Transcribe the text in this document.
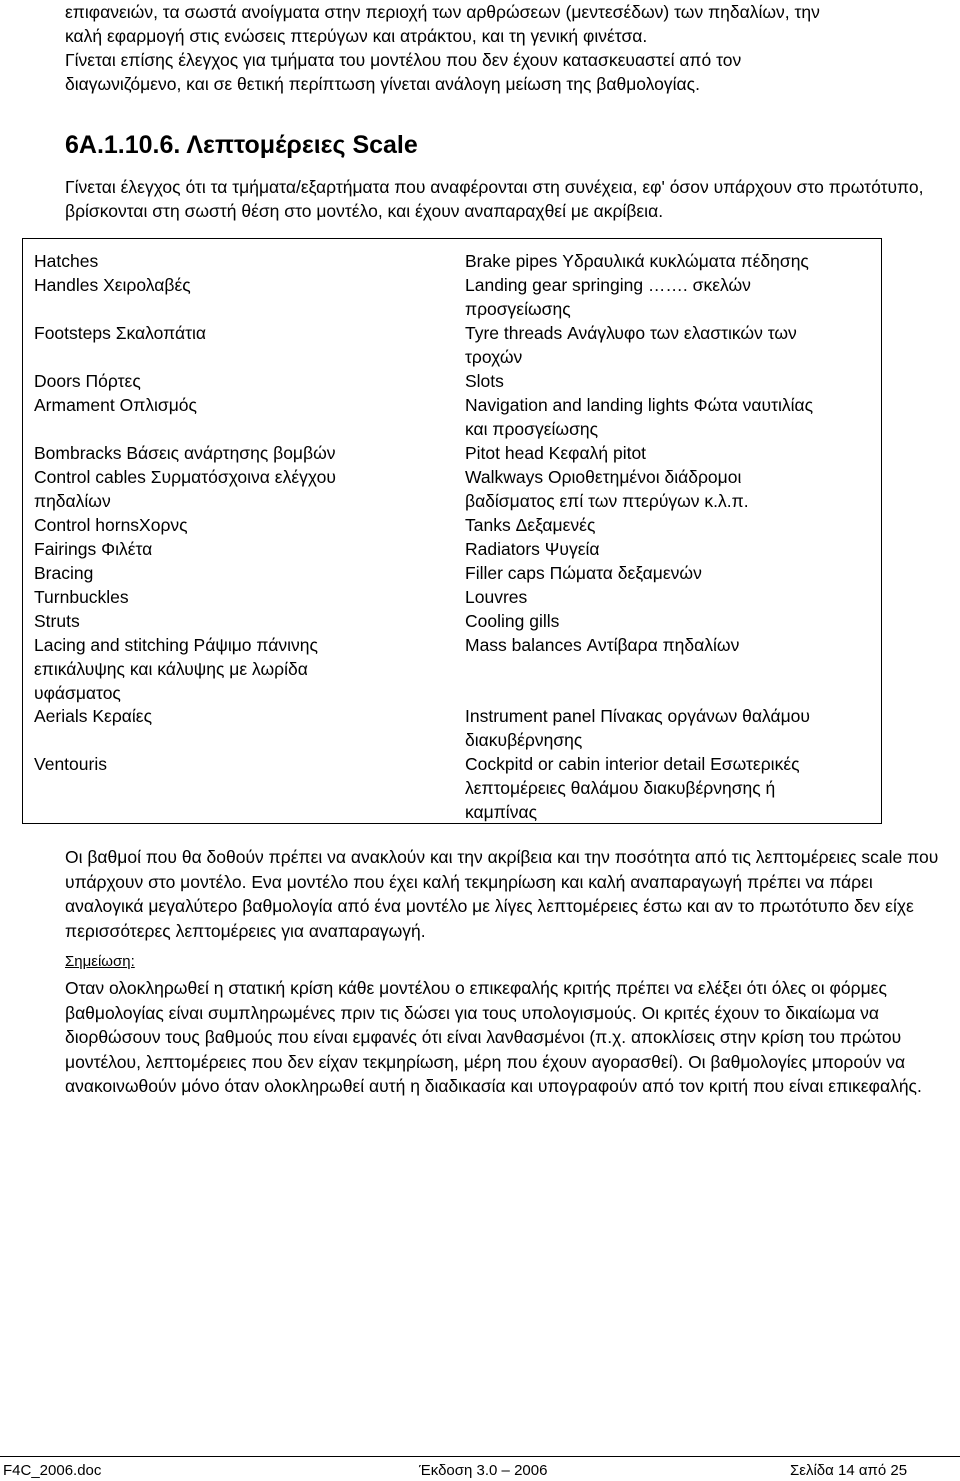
επιφανειών, τα σωστά ανοίγματα στην περιοχή των αρθρώσεων (μεντεσέδων) των πηδαλίων, την

καλή εφαρμογή στις ενώσεις πτερύγων και ατράκτου, και τη γενική φινέτσα.

Γίνεται επίσης έλεγχος για τμήματα του μοντέλου που δεν έχουν κατασκευαστεί από τον

διαγωνιζόμενο, και σε θετική περίπτωση γίνεται ανάλογη μείωση της βαθμολογίας.

6Α.1.10.6. Λεπτομέρειες Scale

Γίνεται έλεγχος ότι τα τμήματα/εξαρτήματα που αναφέρονται στη συνέχεια, εφ' όσον υπάρχουν στο πρωτότυπο, βρίσκονται στη σωστή θέση στο μοντέλο, και έχουν αναπαραχθεί με ακρίβεια.

Hatches
Handles Χειρολαβές
Footsteps Σκαλοπάτια
Doors Πόρτες
Armament Οπλισμός
Bombracks Βάσεις ανάρτησης βομβών
Control cables Συρματόσχοινα ελέγχου
πηδαλίων
Control hornsΧορνς
Fairings Φιλέτα
Bracing
Turnbuckles
Struts
Lacing and stitching Ράψιμο πάνινης
επικάλυψης και κάλυψης με λωρίδα
υφάσματος
Aerials Κεραίες
Ventouris
Brake pipes Υδραυλικά κυκλώματα πέδησης
Landing gear springing ……. σκελών
προσγείωσης
Tyre threads Ανάγλυφο των ελαστικών των
τροχών
Slots
Navigation and landing lights Φώτα ναυτιλίας
και προσγείωσης
Pitot head Κεφαλή pitot
Walkways Οριοθετημένοι διάδρομοι
βαδίσματος επί των πτερύγων κ.λ.π.
Tanks Δεξαμενές
Radiators Ψυγεία
Filler caps Πώματα δεξαμενών
Louvres
Cooling gills
Mass balances Αντίβαρα πηδαλίων
Instrument panel Πίνακας οργάνων θαλάμου
διακυβέρνησης
Cockpitd or cabin interior detail Εσωτερικές
λεπτομέρειες θαλάμου διακυβέρνησης ή
καμπίνας

Οι βαθμοί που θα δοθούν πρέπει να ανακλούν και την ακρίβεια και την ποσότητα από τις λεπτομέρειες scale που υπάρχουν στο μοντέλο. Ενα μοντέλο που έχει καλή τεκμηρίωση και καλή αναπαραγωγή πρέπει να πάρει αναλογικά μεγαλύτερο βαθμολογία από ένα μοντέλο με λίγες λεπτομέρειες έστω και αν το πρωτότυπο δεν είχε περισσότερες λεπτομέρειες για αναπαραγωγή.

Σημείωση:

Οταν ολοκληρωθεί η στατική κρίση κάθε μοντέλου ο επικεφαλής κριτής πρέπει να ελέξει ότι όλες οι φόρμες βαθμολογίας είναι συμπληρωμένες πριν τις δώσει για τους υπολογισμούς. Οι κριτές έχουν το δικαίωμα να διορθώσουν τους βαθμούς που είναι εμφανές ότι είναι λανθασμένοι (π.χ. αποκλίσεις στην κρίση του πρώτου μοντέλου, λεπτομέρειες που δεν είχαν τεκμηρίωση, μέρη που έχουν αγορασθεί). Οι βαθμολογίες μπορούν να ανακοινωθούν μόνο όταν ολοκληρωθεί αυτή η διαδικασία και υπογραφούν από τον κριτή που είναι επικεφαλής.

F4C_2006.doc	Έκδοση 3.0 – 2006	Σελίδα 14 από 25
